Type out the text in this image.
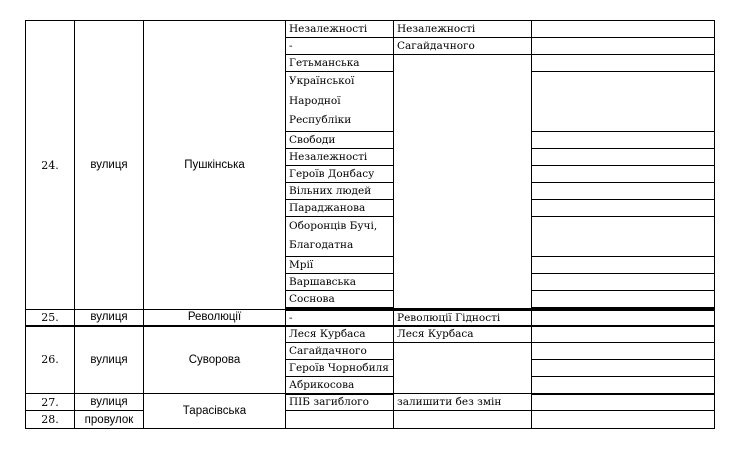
24.	вулиця	Пушкінська	Незалежності	Незалежності	
			-	Сагайдачного	
			Гетьманська		

			Української
Народної
Республіки		

			Свободи		
			Незалежності		
			Героїв Донбасу		
			Вільних людей		
			Параджанова		

			Оборонців Бучі,
Благодатна		

			Мрії		
			Варшавська		
			Соснова		

25.	вулиця	Революції	-	Революції Гідності	
26.	вулиця	Суворова	Леся Курбаса	Леся Курбаса	
			Сагайдачного		
			Героїв Чорнобиля		
			Абрикосова		
27.	вулиця	Тарасівська	ПІБ загиблого	залишити без змін	
28.	провулок				
